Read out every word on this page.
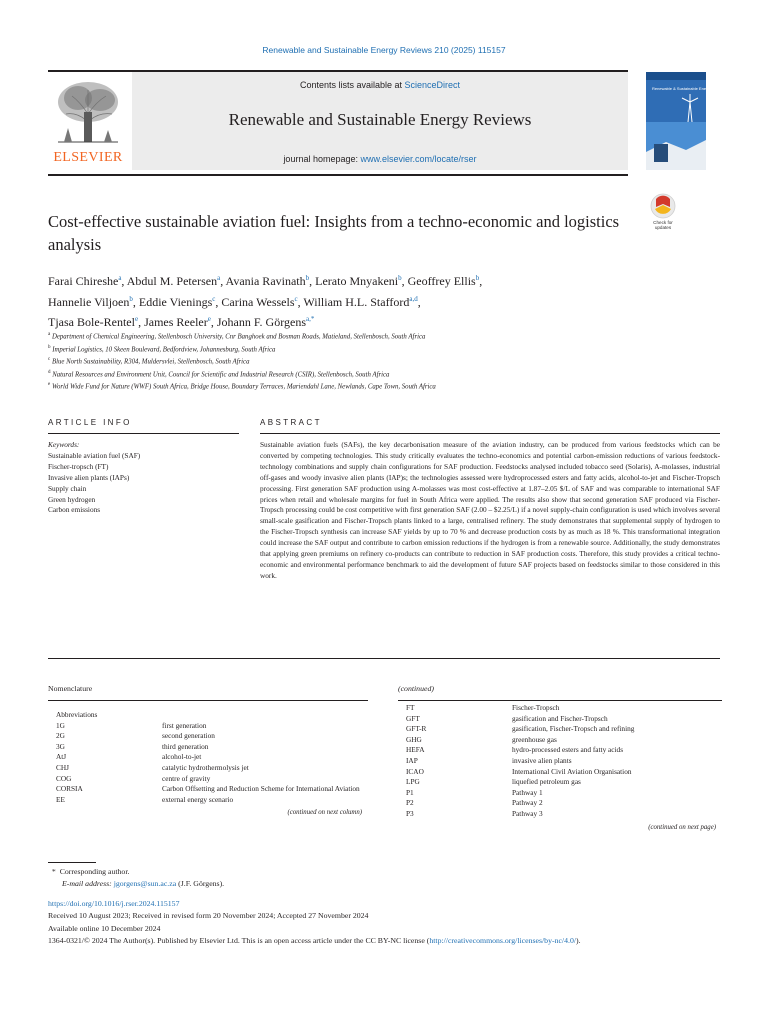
Renewable and Sustainable Energy Reviews 210 (2025) 115157
ELSEVIER
Contents lists available at ScienceDirect
Renewable and Sustainable Energy Reviews
journal homepage: www.elsevier.com/locate/rser
Renewable & Sustainable Energy Reviews
Check for
updates
Cost-effective sustainable aviation fuel: Insights from a techno-economic and logistics analysis
Farai Chireshe$^a$, Abdul M. Petersen$^a$, Avania Ravinath$^b$, Lerato Mnyakeni$^b$, Geoffrey Ellis$^b$,
Hannelie Viljoen$^b$, Eddie Vienings$^c$, Carina Wessels$^c$, William H.L. Stafford$^{a,d}$,
Tjasa Bole-Rentel$^e$, James Reeler$^e$, Johann F. Görgens$^{a,*}$
$^a$ Department of Chemical Engineering, Stellenbosch University, Cnr Banghoek and Bosman Roads, Matieland, Stellenbosch, South Africa
$^b$ Imperial Logistics, 10 Skeen Boulevard, Bedfordview, Johannesburg, South Africa
$^c$ Blue North Sustainability, R304, Muldersvlei, Stellenbosch, South Africa
$^d$ Natural Resources and Environment Unit, Council for Scientific and Industrial Research (CSIR), Stellenbosch, South Africa
$^e$ World Wide Fund for Nature (WWF) South Africa, Bridge House, Boundary Terraces, Mariendahl Lane, Newlands, Cape Town, South Africa
ARTICLE INFO	ABSTRACT
Keywords:
Sustainable aviation fuel (SAF)
Fischer-tropsch (FT)
Invasive alien plants (IAPs)
Supply chain
Green hydrogen
Carbon emissions
Sustainable aviation fuels (SAFs), the key decarbonisation measure of the aviation industry, can be produced from various feedstocks which can be converted by competing technologies. This study critically evaluates the techno-economics and potential carbon-emission reductions of various feedstock-technology combinations and supply chain configurations for SAF production. Feedstocks analysed included tobacco seed (Solaris), A-molasses, industrial off-gases and woody invasive alien plants (IAP)s; the technologies assessed were hydroprocessed esters and fatty acids, alcohol-to-jet and Fischer-Tropsch processing. First generation SAF production using A-molasses was most cost-effective at 1.87–2.05 $/L of SAF and was comparable to international SAF prices when retail and wholesale margins for fuel in South Africa were applied. The results also show that second generation SAF produced via Fischer-Tropsch processing could be cost competitive with first generation SAF (2.00 – $2.25/L) if a novel supply-chain configuration is used which involves several small-scale gasification and Fischer-Tropsch plants linked to a large, centralised refinery. The study demonstrates that supplemental supply of hydrogen to the Fischer-Tropsch synthesis can increase SAF yields by up to 70 % and decrease production costs by as much as 18 %. This transformational integration could increase the SAF output and contribute to carbon emission reductions if the hydrogen is from a renewable source. Additionally, the study demonstrates that applying green premiums on refinery co-products can contribute to reduction in SAF production costs. Therefore, this study provides a critical techno-economic and environmental performance benchmark to aid the development of future SAF projects based on feedstocks similar to those considered in this work.
Nomenclature
Abbreviations
1G	first generation
2G	second generation
3G	third generation
AtJ	alcohol-to-jet
CHJ	catalytic hydrothermolysis jet
COG	centre of gravity
CORSIA	Carbon Offsetting and Reduction Scheme for International Aviation
EE	external energy scenario
(continued on next column)
(continued)
FT	Fischer-Tropsch
GFT	gasification and Fischer-Tropsch
GFT-R	gasification, Fischer-Tropsch and refining
GHG	greenhouse gas
HEFA	hydro-processed esters and fatty acids
IAP	invasive alien plants
ICAO	International Civil Aviation Organisation
LPG	liquefied petroleum gas
P1	Pathway 1
P2	Pathway 2
P3	Pathway 3
(continued on next page)
*  Corresponding author.
E-mail address: jgorgens@sun.ac.za (J.F. Görgens).
https://doi.org/10.1016/j.rser.2024.115157
Received 10 August 2023; Received in revised form 20 November 2024; Accepted 27 November 2024
Available online 10 December 2024
1364-0321/© 2024 The Author(s). Published by Elsevier Ltd. This is an open access article under the CC BY-NC license (http://creativecommons.org/licenses/by-nc/4.0/).
